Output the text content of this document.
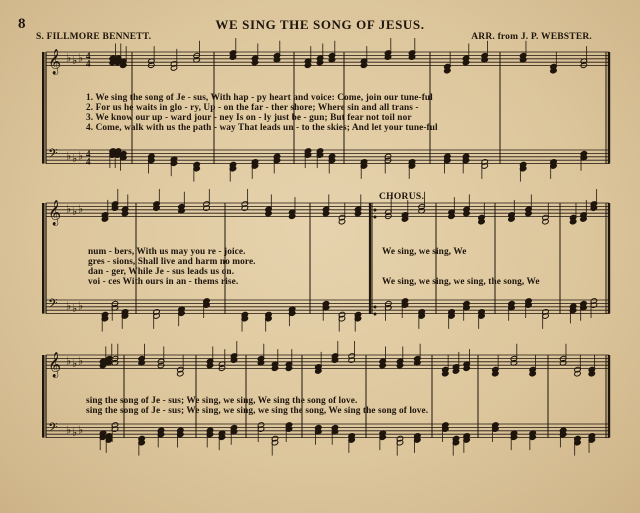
8	WE SING THE SONG OF JESUS.
S. FILLMORE BENNETT.	ARR. from J. P. WEBSTER.
𝄞
𝄢
♭ ♭ ♭
♭ ♭ ♭
4
4
4
4
𝄞
𝄢
♭ ♭ ♭
♭ ♭ ♭
𝄞
𝄢
♭ ♭ ♭
♭ ♭ ♭
1. We sing the song of Je - sus, With hap - py heart and voice: Come, join our tune-ful
2. For us he waits in glo - ry, Up - on the far - ther shore; Where sin and all trans -
3. We know our up - ward jour - ney Is on - ly just be - gun; But fear not toil nor
4. Come, walk with us the path - way That leads un - to the skies; And let your tune-ful
CHORUS.
num - bers, With us may you re - joice.
gres - sions, Shall live and harm no more.
dan - ger, While Je - sus leads us on.
voi - ces With ours in an - thems rise.
We sing, we sing, We
We sing, we sing, we sing, the song, We
sing the song of Je - sus; We sing, we sing, We sing the song of love.
sing the song of Je - sus; We sing, we sing, we sing the song, We sing the song of love.
